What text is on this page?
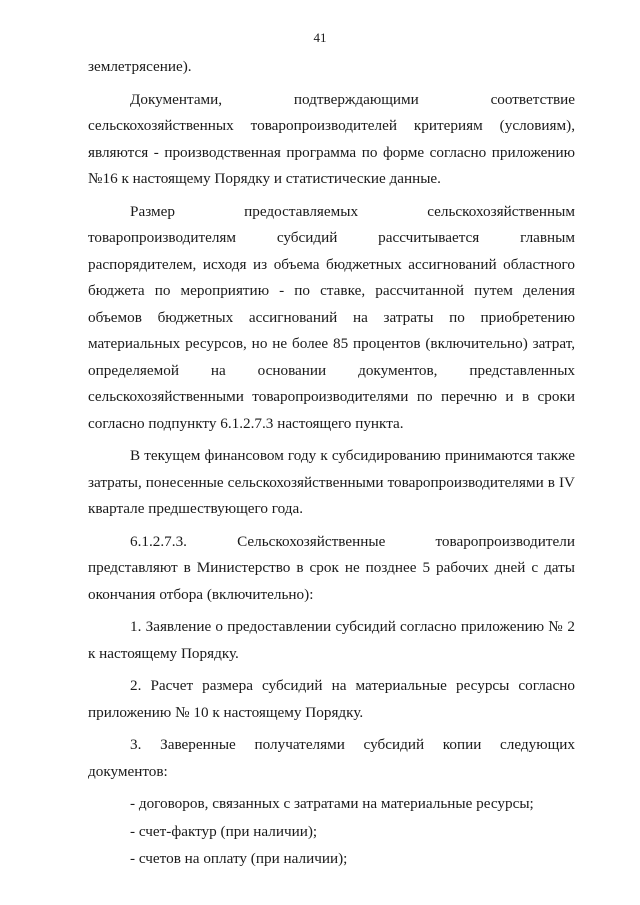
41

землетрясение).

Документами, подтверждающими соответствие сельскохозяйственных товаропроизводителей критериям (условиям), являются - производственная программа по форме согласно приложению №16 к настоящему Порядку и статистические данные.

Размер предоставляемых сельскохозяйственным товаропроизводителям субсидий рассчитывается главным распорядителем, исходя из объема бюджетных ассигнований областного бюджета по мероприятию - по ставке, рассчитанной путем деления объемов бюджетных ассигнований на затраты по приобретению материальных ресурсов, но не более 85 процентов (включительно) затрат, определяемой на основании документов, представленных сельскохозяйственными товаропроизводителями по перечню и в сроки согласно подпункту 6.1.2.7.3 настоящего пункта.

В текущем финансовом году к субсидированию принимаются также затраты, понесенные сельскохозяйственными товаропроизводителями в IV квартале предшествующего года.

6.1.2.7.3. Сельскохозяйственные товаропроизводители представляют в Министерство в срок не позднее 5 рабочих дней с даты окончания отбора (включительно):

1. Заявление о предоставлении субсидий согласно приложению № 2 к настоящему Порядку.

2. Расчет размера субсидий на материальные ресурсы согласно приложению № 10 к настоящему Порядку.

3. Заверенные получателями субсидий копии следующих документов:

- договоров, связанных с затратами на материальные ресурсы;

- счет-фактур (при наличии);

- счетов на оплату (при наличии);
